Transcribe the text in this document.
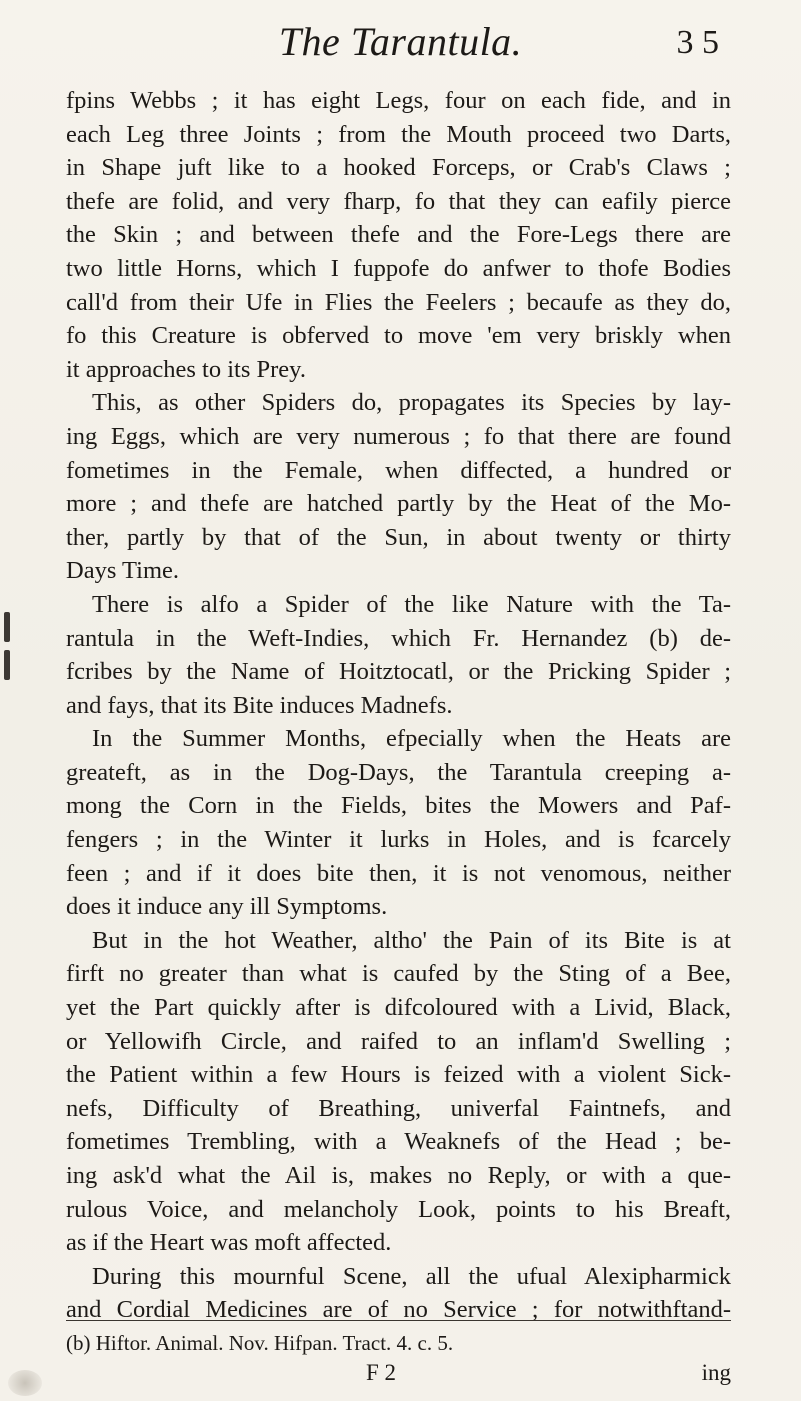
The Tarantula.	3 5
fpins Webbs ; it has eight Legs, four on each fide, and in
each Leg three Joints ; from the Mouth proceed two Darts,
in Shape juft like to a hooked Forceps, or Crab's Claws ;
thefe are folid, and very fharp, fo that they can eafily pierce
the Skin ; and between thefe and the Fore-Legs there are
two little Horns, which I fuppofe do anfwer to thofe Bodies
call'd from their Ufe in Flies the Feelers ; becaufe as they do,
fo this Creature is obferved to move 'em very briskly when
it approaches to its Prey.
This, as other Spiders do, propagates its Species by lay-
ing Eggs, which are very numerous ; fo that there are found
fometimes in the Female, when diffected, a hundred or
more ; and thefe are hatched partly by the Heat of the Mo-
ther, partly by that of the Sun, in about twenty or thirty
Days Time.
There is alfo a Spider of the like Nature with the Ta-
rantula in the Weft-Indies, which Fr. Hernandez (b) de-
fcribes by the Name of Hoitztocatl, or the Pricking Spider ;
and fays, that its Bite induces Madnefs.
In the Summer Months, efpecially when the Heats are
greateft, as in the Dog-Days, the Tarantula creeping a-
mong the Corn in the Fields, bites the Mowers and Paf-
fengers ; in the Winter it lurks in Holes, and is fcarcely
feen ; and if it does bite then, it is not venomous, neither
does it induce any ill Symptoms.
But in the hot Weather, altho' the Pain of its Bite is at
firft no greater than what is caufed by the Sting of a Bee,
yet the Part quickly after is difcoloured with a Livid, Black,
or Yellowifh Circle, and raifed to an inflam'd Swelling ;
the Patient within a few Hours is feized with a violent Sick-
nefs, Difficulty of Breathing, univerfal Faintnefs, and
fometimes Trembling, with a Weaknefs of the Head ; be-
ing ask'd what the Ail is, makes no Reply, or with a que-
rulous Voice, and melancholy Look, points to his Breaft,
as if the Heart was moft affected.
During this mournful Scene, all the ufual Alexipharmick
and Cordial Medicines are of no Service ; for notwithftand-
(b) Hiftor. Animal. Nov. Hifpan. Tract. 4. c. 5.
F 2	ing
